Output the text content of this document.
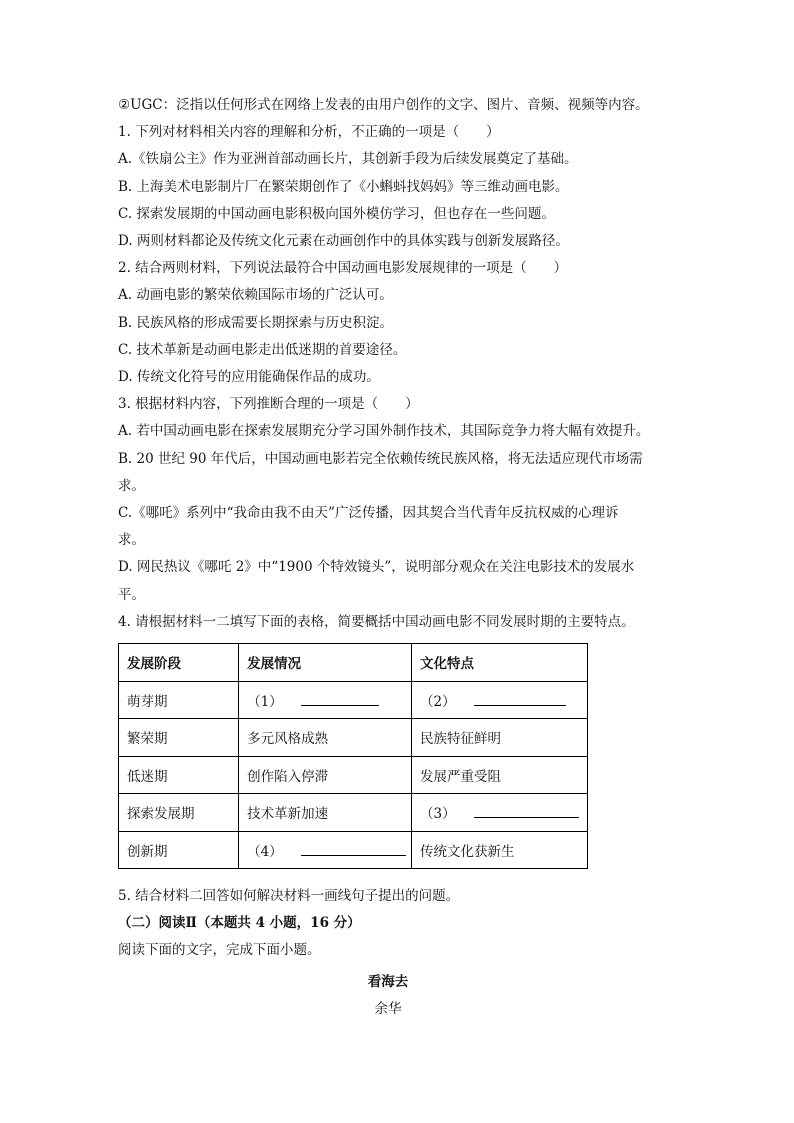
②UGC：泛指以任何形式在网络上发表的由用户创作的文字、图片、音频、视频等内容。
1. 下列对材料相关内容的理解和分析，不正确的一项是（　　）
A.《铁扇公主》作为亚洲首部动画长片，其创新手段为后续发展奠定了基础。
B. 上海美术电影制片厂在繁荣期创作了《小蝌蚪找妈妈》等三维动画电影。
C. 探索发展期的中国动画电影积极向国外模仿学习，但也存在一些问题。
D. 两则材料都论及传统文化元素在动画创作中的具体实践与创新发展路径。
2. 结合两则材料，下列说法最符合中国动画电影发展规律的一项是（　　）
A. 动画电影的繁荣依赖国际市场的广泛认可。
B. 民族风格的形成需要长期探索与历史积淀。
C. 技术革新是动画电影走出低迷期的首要途径。
D. 传统文化符号的应用能确保作品的成功。
3. 根据材料内容，下列推断合理的一项是（　　）
A. 若中国动画电影在探索发展期充分学习国外制作技术，其国际竞争力将大幅有效提升。
B. 20 世纪 90 年代后，中国动画电影若完全依赖传统民族风格，将无法适应现代市场需
求。
C.《哪吒》系列中“我命由我不由天”广泛传播，因其契合当代青年反抗权威的心理诉
求。
D. 网民热议《哪吒 2》中“1900 个特效镜头”，说明部分观众在关注电影技术的发展水
平。
4. 请根据材料一二填写下面的表格，简要概括中国动画电影不同发展时期的主要特点。
发展阶段	发展情况	文化特点
萌芽期	（1）	（2）
繁荣期	多元风格成熟	民族特征鲜明
低迷期	创作陷入停滞	发展严重受阻
探索发展期	技术革新加速	（3）
创新期	（4）	传统文化获新生
5. 结合材料二回答如何解决材料一画线句子提出的问题。
（二）阅读Ⅱ（本题共 4 小题，16 分）
阅读下面的文字，完成下面小题。
看海去
余华
